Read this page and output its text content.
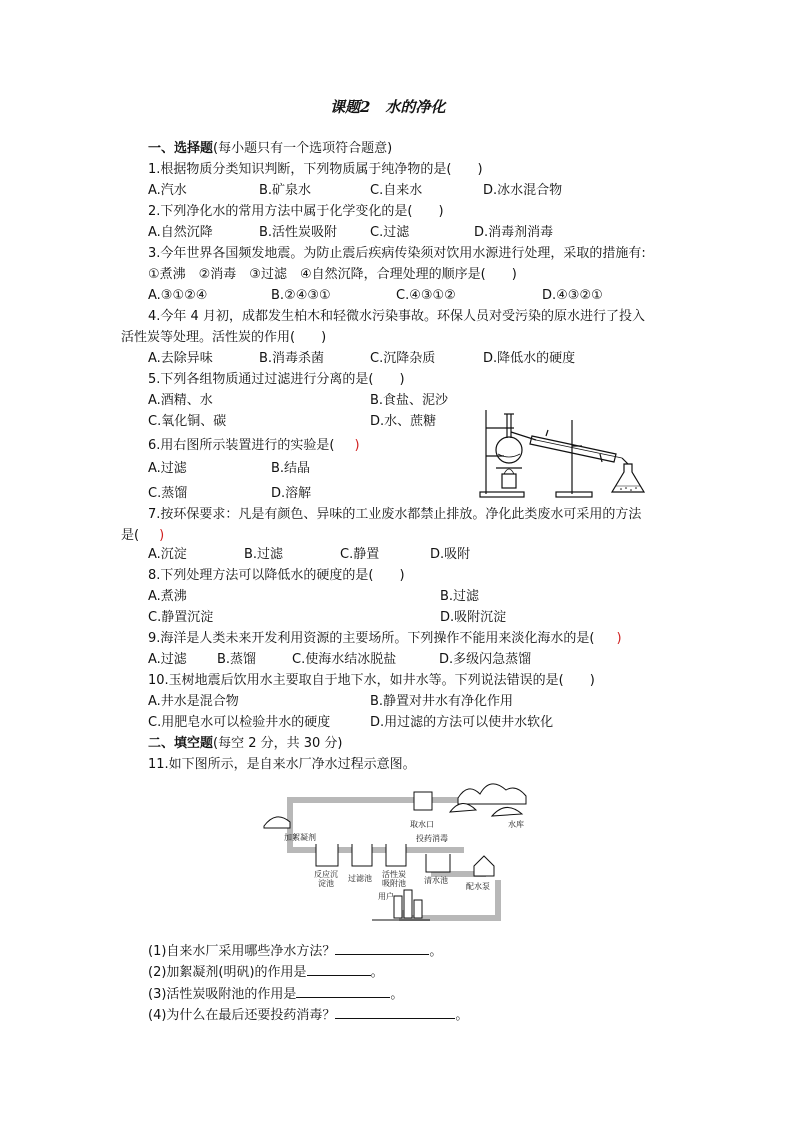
课题2　水的净化
一、选择题(每小题只有一个选项符合题意)
1.根据物质分类知识判断，下列物质属于纯净物的是(　　)
A.汽水	B.矿泉水	C.自来水	D.冰水混合物
2.下列净化水的常用方法中属于化学变化的是(　　)
A.自然沉降	B.活性炭吸附	C.过滤	D.消毒剂消毒
3.今年世界各国频发地震。为防止震后疾病传染须对饮用水源进行处理，采取的措施有:
①煮沸　②消毒　③过滤　④自然沉降，合理处理的顺序是(　　)
A.③①②④	B.②④③①	C.④③①②	D.④③②①
4.今年 4 月初，成都发生柏木和轻微水污染事故。环保人员对受污染的原水进行了投入
活性炭等处理。活性炭的作用(　　)
A.去除异味	B.消毒杀菌	C.沉降杂质	D.降低水的硬度
5.下列各组物质通过过滤进行分离的是(　　)
A.酒精、水	B.食盐、泥沙
C.氧化铜、碳	D.水、蔗糖
6.用右图所示装置进行的实验是( )
A.过滤	B.结晶
C.蒸馏	D.溶解
7.按环保要求：凡是有颜色、异味的工业废水都禁止排放。净化此类废水可采用的方法
是( )
A.沉淀	B.过滤	C.静置	D.吸附
8.下列处理方法可以降低水的硬度的是(　　)
A.煮沸	B.过滤
C.静置沉淀	D.吸附沉淀
9.海洋是人类未来开发利用资源的主要场所。下列操作不能用来淡化海水的是( )
A.过滤 B.蒸馏	C.使海水结冰脱盐	D.多级闪急蒸馏
10.玉树地震后饮用水主要取自于地下水，如井水等。下列说法错误的是(　　)
A.井水是混合物	B.静置对井水有净化作用
C.用肥皂水可以检验井水的硬度	D.用过滤的方法可以使井水软化
二、填空题(每空 2 分，共 30 分)
11.如下图所示，是自来水厂净水过程示意图。
取水口	水库
加絮凝剂	投药消毒
反应沉
淀池
过滤池 活性炭
吸附池 清水池
配水泵
用户
(1)自来水厂采用哪些净水方法？	。
(2)加絮凝剂(明矾)的作用是	。
(3)活性炭吸附池的作用是	。
(4)为什么在最后还要投药消毒？	。
